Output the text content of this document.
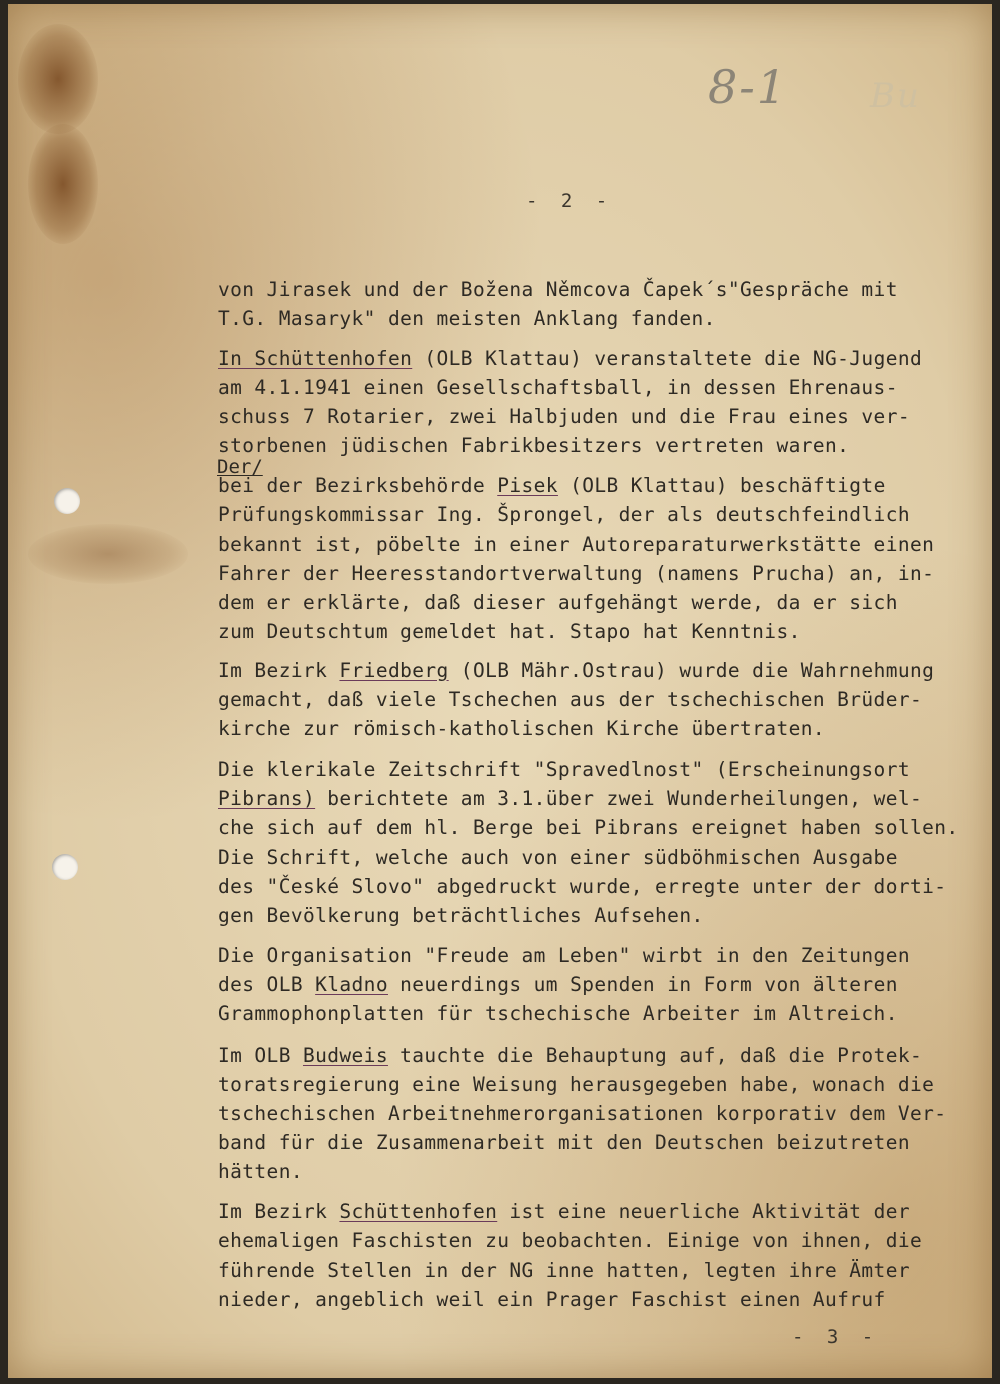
8-1 Bu
- 2 -
Der/
von Jirasek und der Božena Němcova Čapek´s"Gespräche mit
T.G. Masaryk" den meisten Anklang fanden.
In Schüttenhofen (OLB Klattau) veranstaltete die NG-Jugend
am 4.1.1941 einen Gesellschaftsball, in dessen Ehrenaus-
schuss 7 Rotarier, zwei Halbjuden und die Frau eines ver-
storbenen jüdischen Fabrikbesitzers vertreten waren.
bei der Bezirksbehörde Pisek (OLB Klattau) beschäftigte
Prüfungskommissar Ing. Šprongel, der als deutschfeindlich
bekannt ist, pöbelte in einer Autoreparaturwerkstätte einen
Fahrer der Heeresstandortverwaltung (namens Prucha) an, in-
dem er erklärte, daß dieser aufgehängt werde, da er sich
zum Deutschtum gemeldet hat. Stapo hat Kenntnis.
Im Bezirk Friedberg (OLB Mähr.Ostrau) wurde die Wahrnehmung
gemacht, daß viele Tschechen aus der tschechischen Brüder-
kirche zur römisch-katholischen Kirche übertraten.
Die klerikale Zeitschrift "Spravedlnost" (Erscheinungsort
Pibrans) berichtete am 3.1.über zwei Wunderheilungen, wel-
che sich auf dem hl. Berge bei Pibrans ereignet haben sollen.
Die Schrift, welche auch von einer südböhmischen Ausgabe
des "České Slovo" abgedruckt wurde, erregte unter der dorti-
gen Bevölkerung beträchtliches Aufsehen.
Die Organisation "Freude am Leben" wirbt in den Zeitungen
des OLB Kladno neuerdings um Spenden in Form von älteren
Grammophonplatten für tschechische Arbeiter im Altreich.
Im OLB Budweis tauchte die Behauptung auf, daß die Protek-
toratsregierung eine Weisung herausgegeben habe, wonach die
tschechischen Arbeitnehmerorganisationen korporativ dem Ver-
band für die Zusammenarbeit mit den Deutschen beizutreten
hätten.
Im Bezirk Schüttenhofen ist eine neuerliche Aktivität der
ehemaligen Faschisten zu beobachten. Einige von ihnen, die
führende Stellen in der NG inne hatten, legten ihre Ämter
nieder, angeblich weil ein Prager Faschist einen Aufruf
- 3 -
